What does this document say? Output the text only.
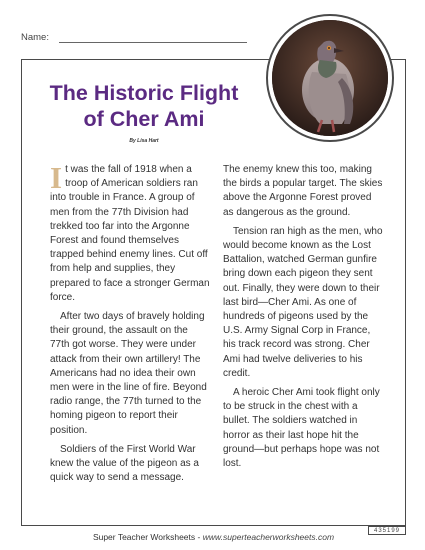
Name:
The Historic Flight
of Cher Ami
By Lisa Hart

It was the fall of 1918 when a troop of American soldiers ran into trouble in France. A group of men from the 77th Division had trekked too far into the Argonne Forest and found themselves trapped behind enemy lines. Cut off from help and supplies, they prepared to face a stronger German force.

After two days of bravely holding their ground, the assault on the 77th got worse. They were under attack from their own artillery! The Americans had no idea their own men were in the line of fire. Beyond radio range, the 77th turned to the homing pigeon to report their position.

Soldiers of the First World War knew the value of the pigeon as a quick way to send a message.

The enemy knew this too, making the birds a popular target. The skies above the Argonne Forest proved as dangerous as the ground.

Tension ran high as the men, who would become known as the Lost Battalion, watched German gunfire bring down each pigeon they sent out. Finally, they were down to their last bird—Cher Ami. As one of hundreds of pigeons used by the U.S. Army Signal Corp in France, his track record was strong. Cher Ami had twelve deliveries to his credit.

A heroic Cher Ami took flight only to be struck in the chest with a bullet. The soldiers watched in horror as their last hope hit the ground—but perhaps hope was not lost.

Super Teacher Worksheets - www.superteacherworksheets.com
435199
